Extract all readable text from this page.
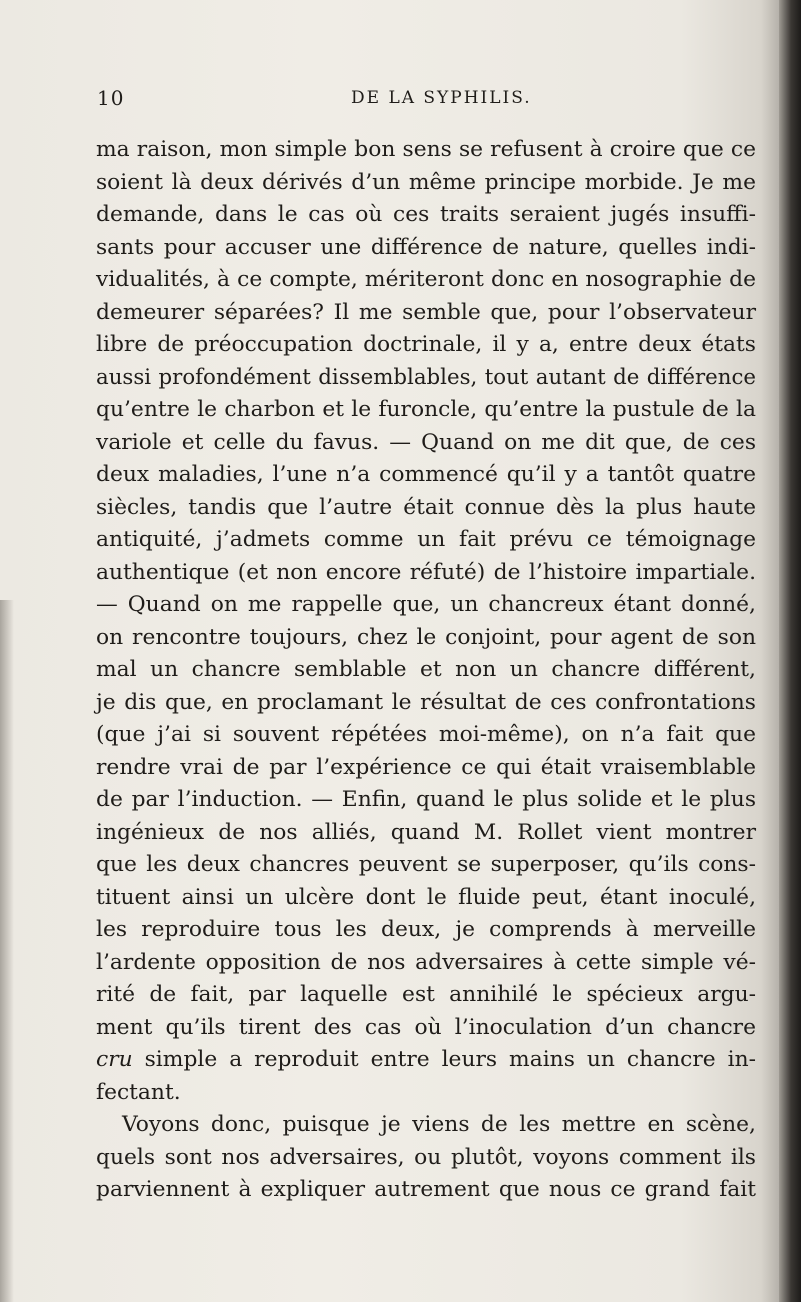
10	DE LA SYPHILIS.
ma raison, mon simple bon sens se refusent à croire que ce
soient là deux dérivés d’un même principe morbide. Je me
demande, dans le cas où ces traits seraient jugés insuffi-
sants pour accuser une différence de nature, quelles indi-
vidualités, à ce compte, mériteront donc en nosographie de
demeurer séparées? Il me semble que, pour l’observateur
libre de préoccupation doctrinale, il y a, entre deux états
aussi profondément dissemblables, tout autant de différence
qu’entre le charbon et le furoncle, qu’entre la pustule de la
variole et celle du favus. — Quand on me dit que, de ces
deux maladies, l’une n’a commencé qu’il y a tantôt quatre
siècles, tandis que l’autre était connue dès la plus haute
antiquité, j’admets comme un fait prévu ce témoignage
authentique (et non encore réfuté) de l’histoire impartiale.
— Quand on me rappelle que, un chancreux étant donné,
on rencontre toujours, chez le conjoint, pour agent de son
mal un chancre semblable et non un chancre différent,
je dis que, en proclamant le résultat de ces confrontations
(que j’ai si souvent répétées moi-même), on n’a fait que
rendre vrai de par l’expérience ce qui était vraisemblable
de par l’induction. — Enfin, quand le plus solide et le plus
ingénieux de nos alliés, quand M. Rollet vient montrer
que les deux chancres peuvent se superposer, qu’ils cons-
tituent ainsi un ulcère dont le fluide peut, étant inoculé,
les reproduire tous les deux, je comprends à merveille
l’ardente opposition de nos adversaires à cette simple vé-
rité de fait, par laquelle est annihilé le spécieux argu-
ment qu’ils tirent des cas où l’inoculation d’un chancre
cru simple a reproduit entre leurs mains un chancre in-
fectant.
Voyons donc, puisque je viens de les mettre en scène,
quels sont nos adversaires, ou plutôt, voyons comment ils
parviennent à expliquer autrement que nous ce grand fait
